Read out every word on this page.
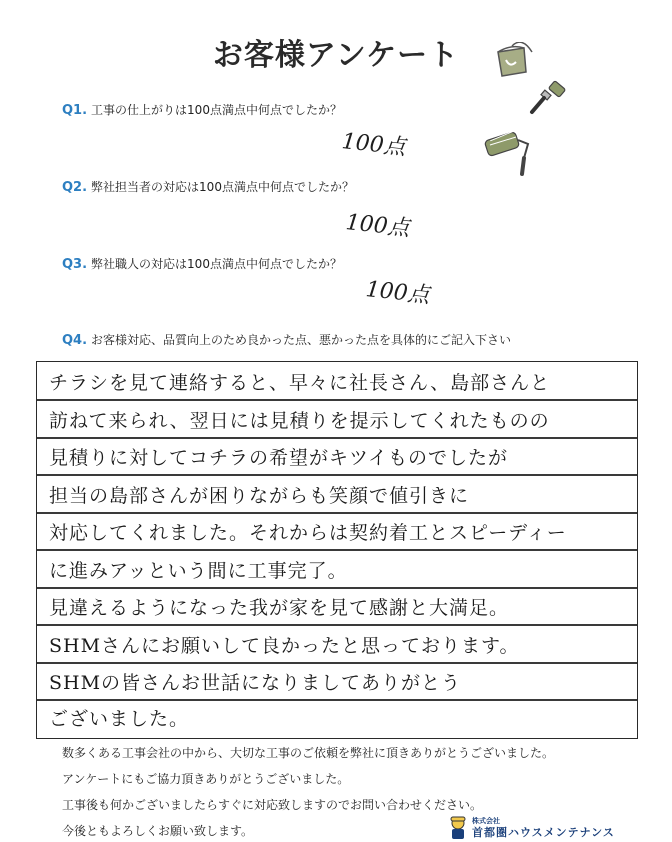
お客様アンケート
Q1. 工事の仕上がりは100点満点中何点でしたか？
100点
Q2. 弊社担当者の対応は100点満点中何点でしたか？
100点
Q3. 弊社職人の対応は100点満点中何点でしたか？
100点
Q4. お客様対応、品質向上のため良かった点、悪かった点を具体的にご記入下さい
チラシを見て連絡すると、早々に社長さん、島部さんと
訪ねて来られ、翌日には見積りを提示してくれたものの
見積りに対してコチラの希望がキツイものでしたが
担当の島部さんが困りながらも笑顔で値引きに
対応してくれました。それからは契約着工とスピーディー
に進みアッという間に工事完了。
見違えるようになった我が家を見て感謝と大満足。
SHMさんにお願いして良かったと思っております。
SHMの皆さんお世話になりましてありがとう
ございました。
数多くある工事会社の中から、大切な工事のご依頼を弊社に頂きありがとうございました。
アンケートにもご協力頂きありがとうございました。
工事後も何かございましたらすぐに対応致しますのでお問い合わせください。
今後ともよろしくお願い致します。
株式会社
首都圏ハウスメンテナンス
